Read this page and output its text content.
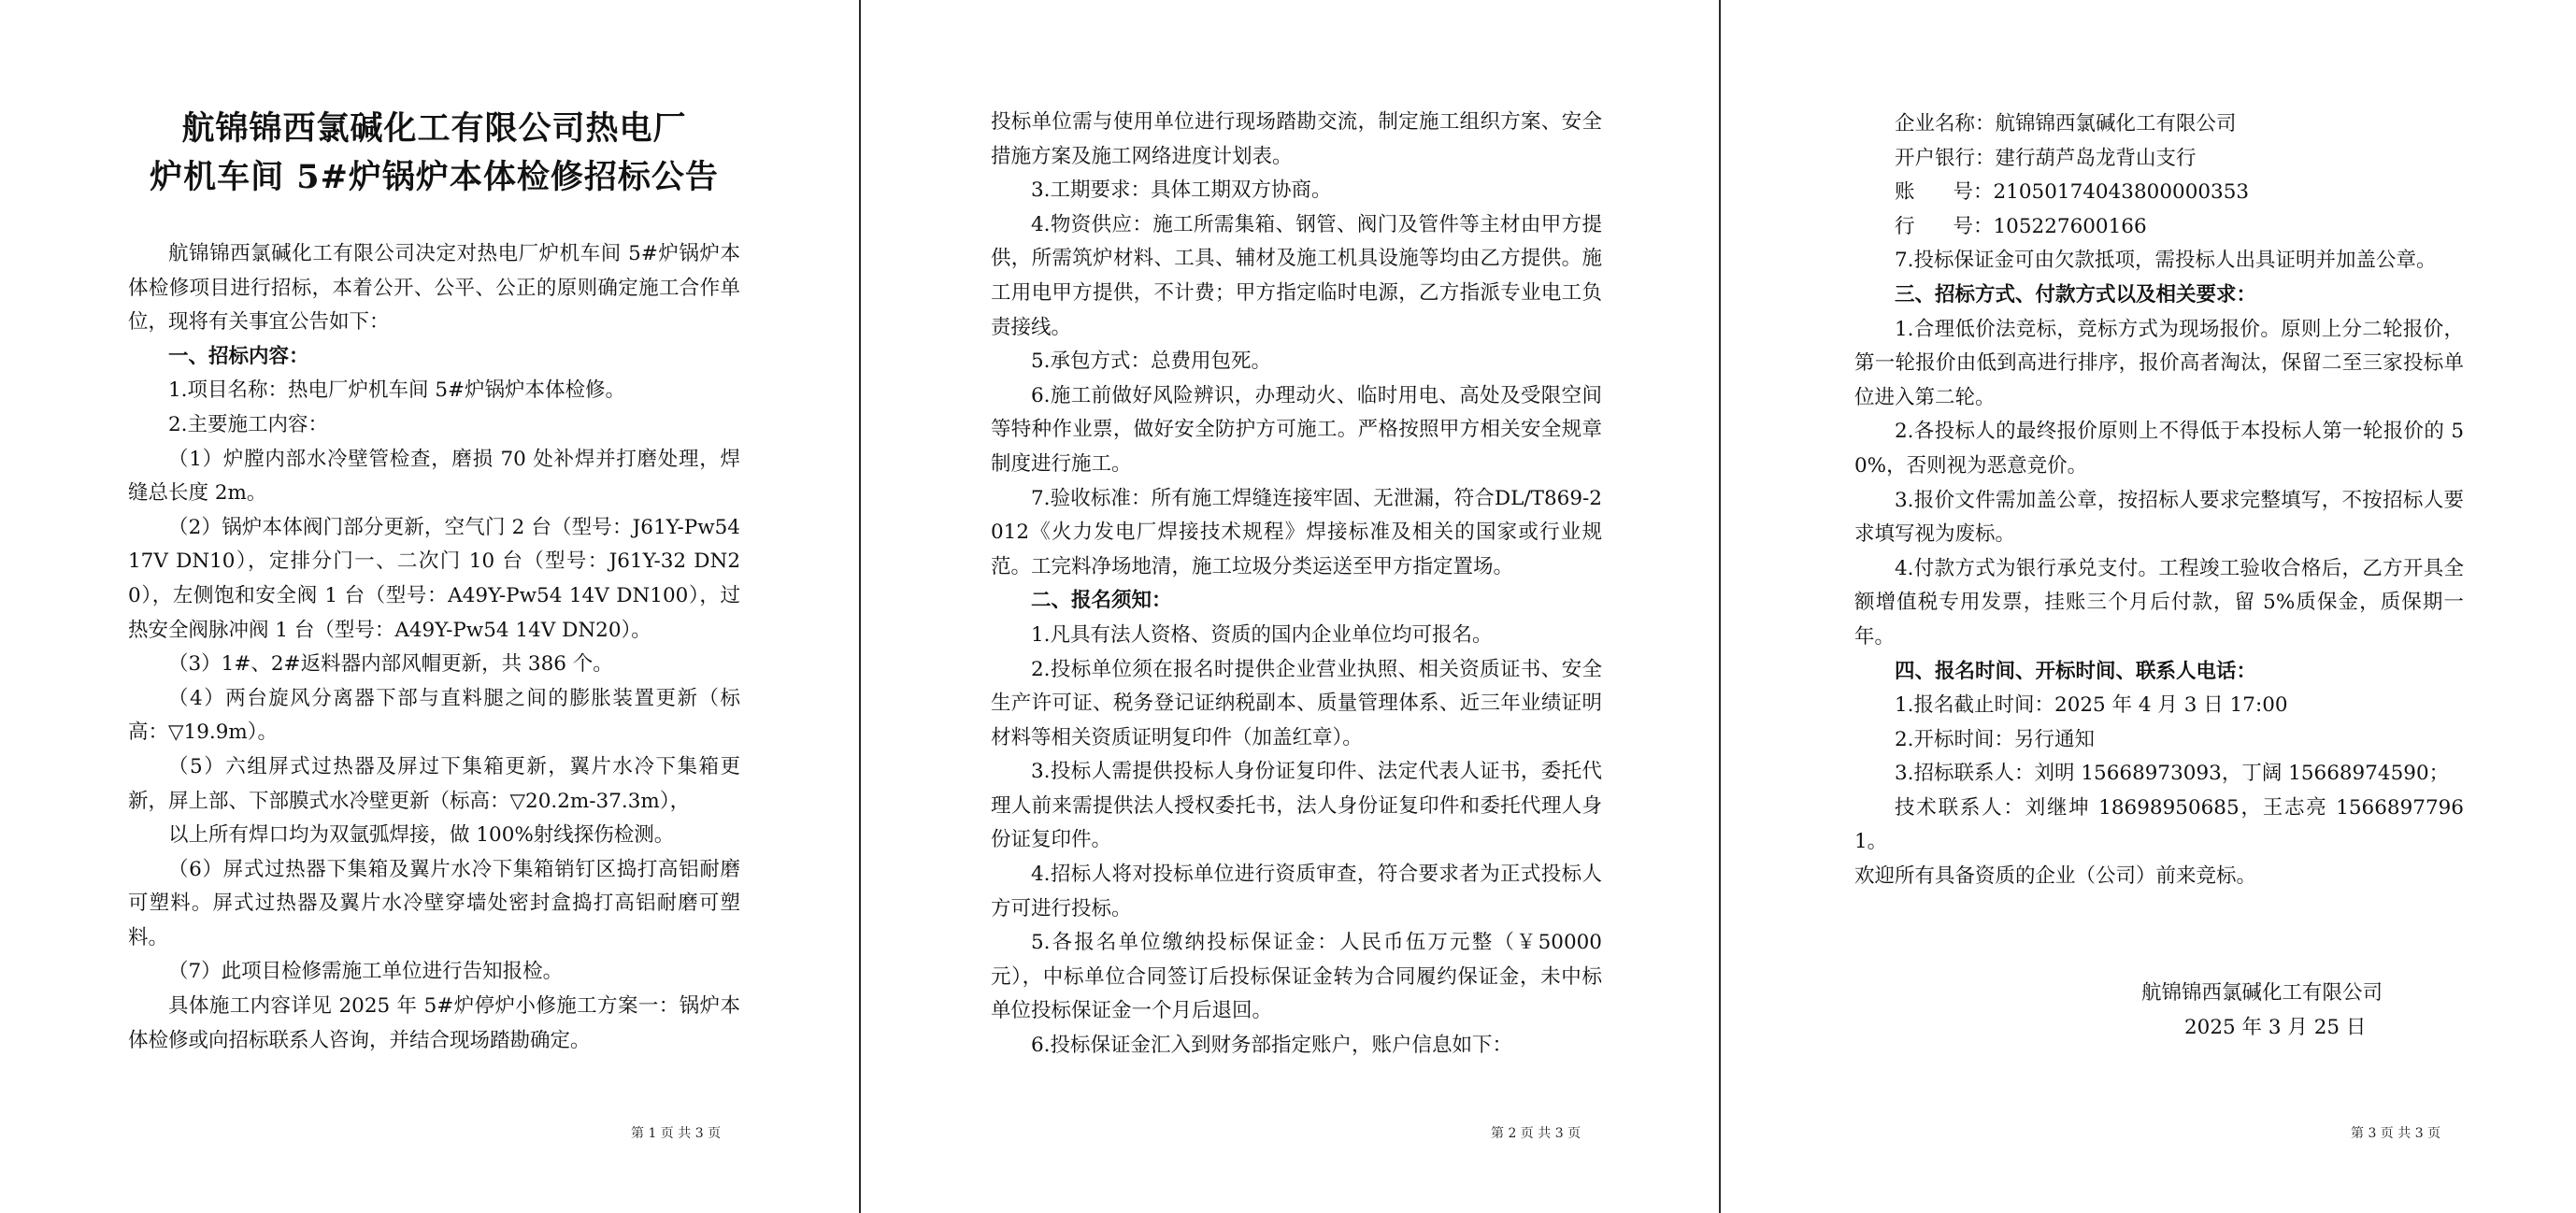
航锦锦西氯碱化工有限公司热电厂
炉机车间 5#炉锅炉本体检修招标公告
航锦锦西氯碱化工有限公司决定对热电厂炉机车间 5#炉锅炉本体检修项目进行招标，本着公开、公平、公正的原则确定施工合作单位，现将有关事宜公告如下：
一、招标内容：
1.项目名称：热电厂炉机车间 5#炉锅炉本体检修。
2.主要施工内容：
（1）炉膛内部水冷壁管检查，磨损 70 处补焊并打磨处理，焊缝总长度 2m。
（2）锅炉本体阀门部分更新，空气门 2 台（型号：J61Y-Pw54 17V DN10），定排分门一、二次门 10 台（型号：J61Y-32 DN20），左侧饱和安全阀 1 台（型号：A49Y-Pw54 14V DN100），过热安全阀脉冲阀 1 台（型号：A49Y-Pw54 14V DN20）。
（3）1#、2#返料器内部风帽更新，共 386 个。
（4）两台旋风分离器下部与直料腿之间的膨胀装置更新（标高：▽19.9m）。
（5）六组屏式过热器及屏过下集箱更新，翼片水冷下集箱更新，屏上部、下部膜式水冷壁更新（标高：▽20.2m-37.3m），
以上所有焊口均为双氩弧焊接，做 100%射线探伤检测。
（6）屏式过热器下集箱及翼片水冷下集箱销钉区捣打高铝耐磨可塑料。屏式过热器及翼片水冷壁穿墙处密封盒捣打高铝耐磨可塑料。
（7）此项目检修需施工单位进行告知报检。
具体施工内容详见 2025 年 5#炉停炉小修施工方案一：锅炉本体检修或向招标联系人咨询，并结合现场踏勘确定。
第 1 页 共 3 页
投标单位需与使用单位进行现场踏勘交流，制定施工组织方案、安全措施方案及施工网络进度计划表。
3.工期要求：具体工期双方协商。
4.物资供应：施工所需集箱、钢管、阀门及管件等主材由甲方提供，所需筑炉材料、工具、辅材及施工机具设施等均由乙方提供。施工用电甲方提供，不计费；甲方指定临时电源，乙方指派专业电工负责接线。
5.承包方式：总费用包死。
6.施工前做好风险辨识，办理动火、临时用电、高处及受限空间等特种作业票，做好安全防护方可施工。严格按照甲方相关安全规章制度进行施工。
7.验收标准：所有施工焊缝连接牢固、无泄漏，符合DL/T869-2012《火力发电厂焊接技术规程》焊接标准及相关的国家或行业规范。工完料净场地清，施工垃圾分类运送至甲方指定置场。
二、报名须知：
1.凡具有法人资格、资质的国内企业单位均可报名。
2.投标单位须在报名时提供企业营业执照、相关资质证书、安全生产许可证、税务登记证纳税副本、质量管理体系、近三年业绩证明材料等相关资质证明复印件（加盖红章）。
3.投标人需提供投标人身份证复印件、法定代表人证书，委托代理人前来需提供法人授权委托书，法人身份证复印件和委托代理人身份证复印件。
4.招标人将对投标单位进行资质审查，符合要求者为正式投标人方可进行投标。
5.各报名单位缴纳投标保证金：人民币伍万元整（￥50000 元），中标单位合同签订后投标保证金转为合同履约保证金，未中标单位投标保证金一个月后退回。
6.投标保证金汇入到财务部指定账户，账户信息如下：
第 2 页 共 3 页
企业名称：航锦锦西氯碱化工有限公司
开户银行：建行葫芦岛龙背山支行
账      号：21050174043800000353
行      号：105227600166
7.投标保证金可由欠款抵项，需投标人出具证明并加盖公章。
三、招标方式、付款方式以及相关要求：
1.合理低价法竞标，竞标方式为现场报价。原则上分二轮报价，第一轮报价由低到高进行排序，报价高者淘汰，保留二至三家投标单位进入第二轮。
2.各投标人的最终报价原则上不得低于本投标人第一轮报价的 50%，否则视为恶意竞价。
3.报价文件需加盖公章，按招标人要求完整填写，不按招标人要求填写视为废标。
4.付款方式为银行承兑支付。工程竣工验收合格后，乙方开具全额增值税专用发票，挂账三个月后付款，留 5%质保金，质保期一年。
四、报名时间、开标时间、联系人电话：
1.报名截止时间：2025 年 4 月 3 日 17:00
2.开标时间：另行通知
3.招标联系人：刘明 15668973093，丁阔 15668974590；
技术联系人：刘继坤 18698950685，王志亮 15668977961。
欢迎所有具备资质的企业（公司）前来竞标。
航锦锦西氯碱化工有限公司
2025 年 3 月 25 日
第 3 页 共 3 页
